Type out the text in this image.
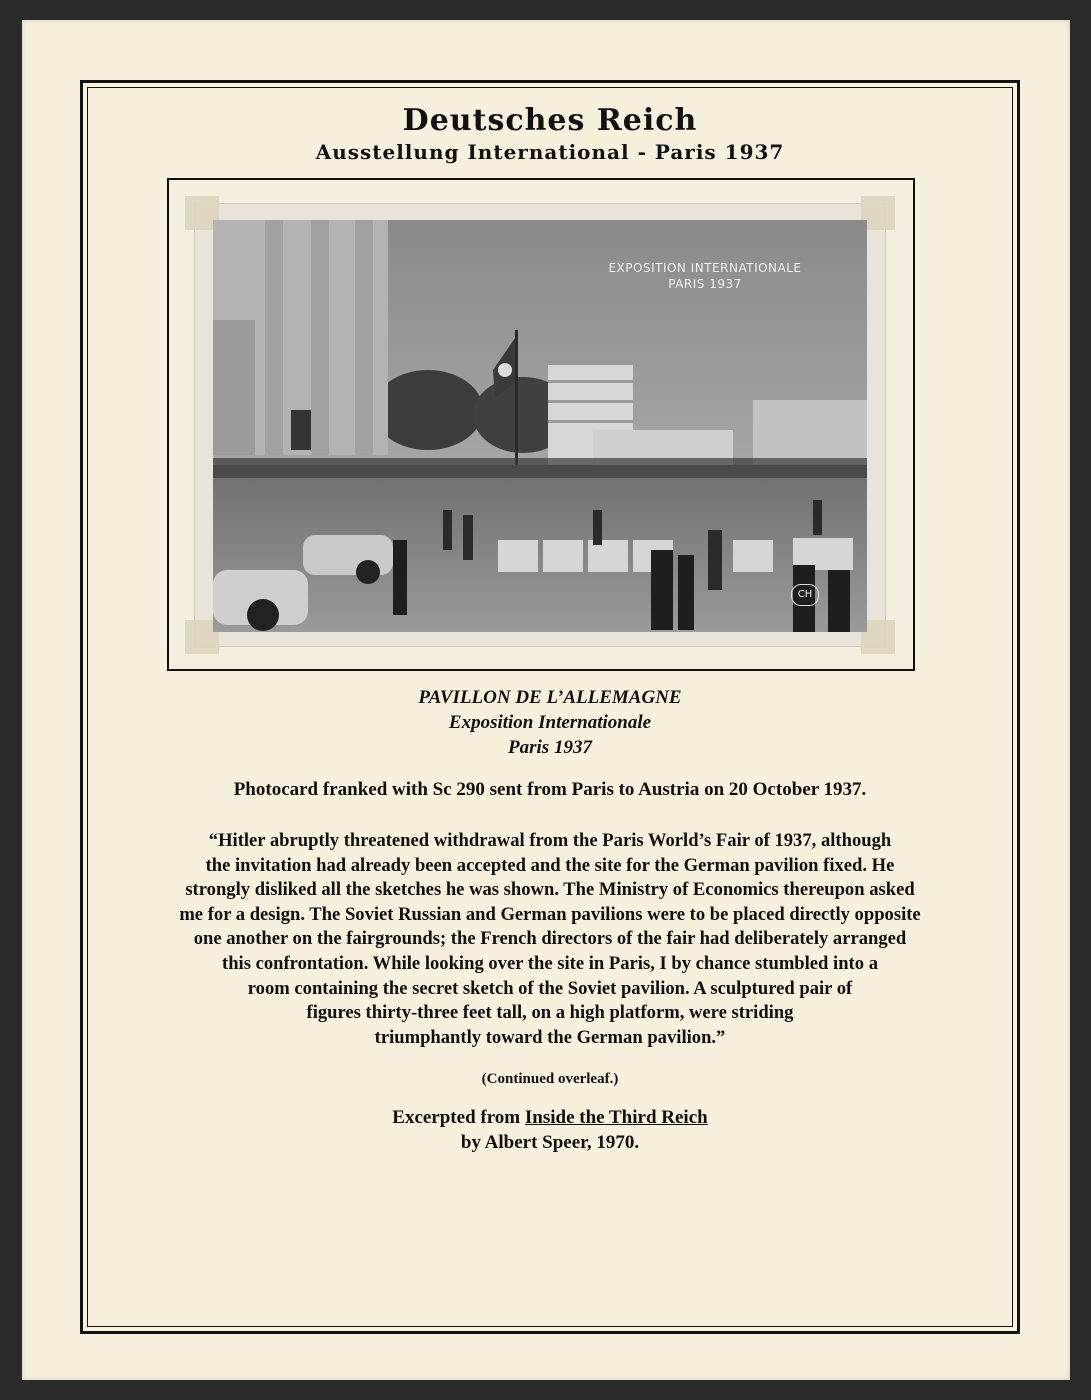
Deutsches Reich
Ausstellung International - Paris 1937
EXPOSITION INTERNATIONALE
PARIS 1937
CH
PAVILLON DE L’ALLEMAGNE
Exposition Internationale
Paris 1937
Photocard franked with Sc 290 sent from Paris to Austria on 20 October 1937.
“Hitler abruptly threatened withdrawal from the Paris World’s Fair of 1937, although
the invitation had already been accepted and the site for the German pavilion fixed. He
strongly disliked all the sketches he was shown. The Ministry of Economics thereupon asked
me for a design. The Soviet Russian and German pavilions were to be placed directly opposite
one another on the fairgrounds; the French directors of the fair had deliberately arranged
this confrontation. While looking over the site in Paris, I by chance stumbled into a
room containing the secret sketch of the Soviet pavilion. A sculptured pair of
figures thirty-three feet tall, on a high platform, were striding
triumphantly toward the German pavilion.”
(Continued overleaf.)
Excerpted from Inside the Third Reich
by Albert Speer, 1970.
